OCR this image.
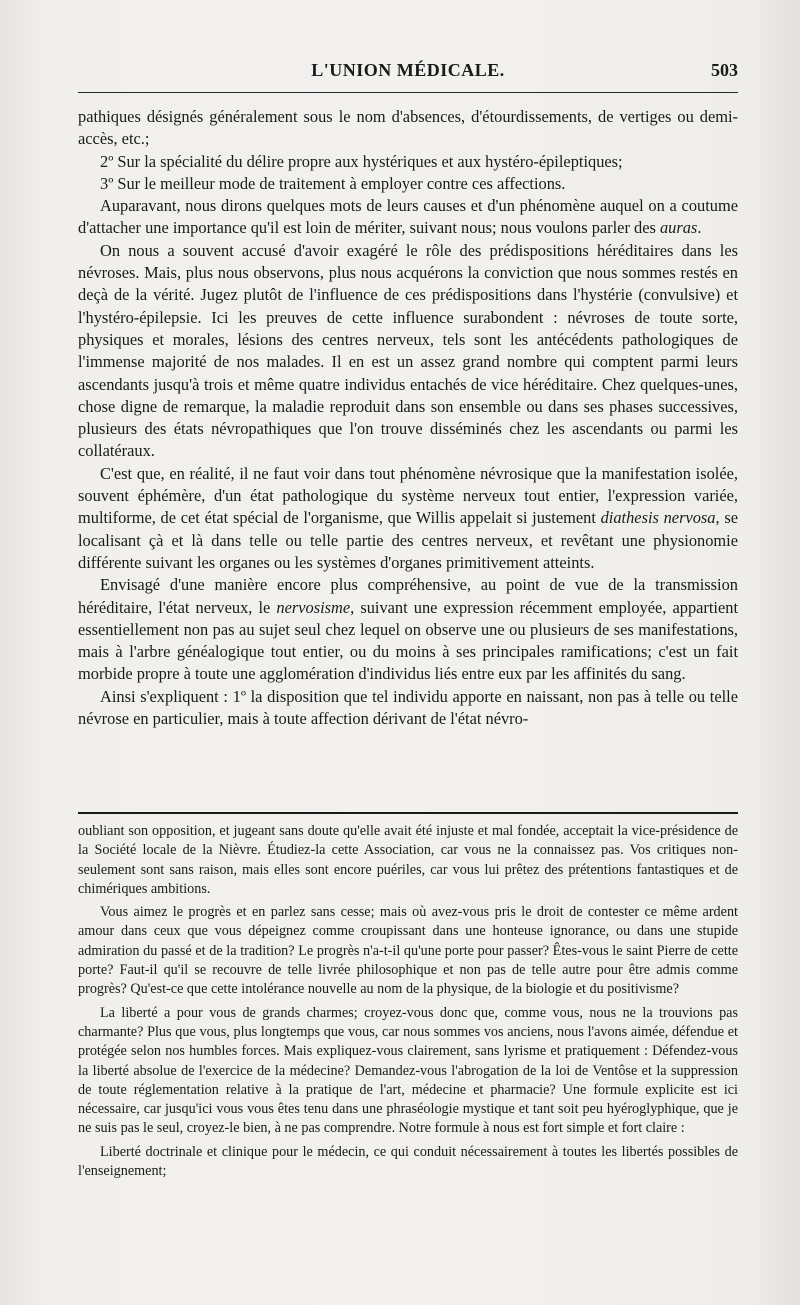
L'UNION MÉDICALE.	503

pathiques désignés généralement sous le nom d'absences, d'étourdissements, de vertiges ou demi-accès, etc.;

2º Sur la spécialité du délire propre aux hystériques et aux hystéro-épileptiques;

3º Sur le meilleur mode de traitement à employer contre ces affections.

Auparavant, nous dirons quelques mots de leurs causes et d'un phénomène auquel on a coutume d'attacher une importance qu'il est loin de mériter, suivant nous; nous voulons parler des auras.

On nous a souvent accusé d'avoir exagéré le rôle des prédispositions héréditaires dans les névroses. Mais, plus nous observons, plus nous acquérons la conviction que nous sommes restés en deçà de la vérité. Jugez plutôt de l'influence de ces prédispositions dans l'hystérie (convulsive) et l'hystéro-épilepsie. Ici les preuves de cette influence surabondent : névroses de toute sorte, physiques et morales, lésions des centres nerveux, tels sont les antécédents pathologiques de l'immense majorité de nos malades. Il en est un assez grand nombre qui comptent parmi leurs ascendants jusqu'à trois et même quatre individus entachés de vice héréditaire. Chez quelques-unes, chose digne de remarque, la maladie reproduit dans son ensemble ou dans ses phases successives, plusieurs des états névropathiques que l'on trouve disséminés chez les ascendants ou parmi les collatéraux.

C'est que, en réalité, il ne faut voir dans tout phénomène névrosique que la manifestation isolée, souvent éphémère, d'un état pathologique du système nerveux tout entier, l'expression variée, multiforme, de cet état spécial de l'organisme, que Willis appelait si justement diathesis nervosa, se localisant çà et là dans telle ou telle partie des centres nerveux, et revêtant une physionomie différente suivant les organes ou les systèmes d'organes primitivement atteints.

Envisagé d'une manière encore plus compréhensive, au point de vue de la transmission héréditaire, l'état nerveux, le nervosisme, suivant une expression récemment employée, appartient essentiellement non pas au sujet seul chez lequel on observe une ou plusieurs de ses manifestations, mais à l'arbre généalogique tout entier, ou du moins à ses principales ramifications; c'est un fait morbide propre à toute une agglomération d'individus liés entre eux par les affinités du sang.

Ainsi s'expliquent : 1º la disposition que tel individu apporte en naissant, non pas à telle ou telle névrose en particulier, mais à toute affection dérivant de l'état névro-

oubliant son opposition, et jugeant sans doute qu'elle avait été injuste et mal fondée, acceptait la vice-présidence de la Société locale de la Nièvre. Étudiez-la cette Association, car vous ne la connaissez pas. Vos critiques non-seulement sont sans raison, mais elles sont encore puériles, car vous lui prêtez des prétentions fantastiques et de chimériques ambitions.

Vous aimez le progrès et en parlez sans cesse; mais où avez-vous pris le droit de contester ce même ardent amour dans ceux que vous dépeignez comme croupissant dans une honteuse ignorance, ou dans une stupide admiration du passé et de la tradition? Le progrès n'a-t-il qu'une porte pour passer? Êtes-vous le saint Pierre de cette porte? Faut-il qu'il se recouvre de telle livrée philosophique et non pas de telle autre pour être admis comme progrès? Qu'est-ce que cette intolérance nouvelle au nom de la physique, de la biologie et du positivisme?

La liberté a pour vous de grands charmes; croyez-vous donc que, comme vous, nous ne la trouvions pas charmante? Plus que vous, plus longtemps que vous, car nous sommes vos anciens, nous l'avons aimée, défendue et protégée selon nos humbles forces. Mais expliquez-vous clairement, sans lyrisme et pratiquement : Défendez-vous la liberté absolue de l'exercice de la médecine? Demandez-vous l'abrogation de la loi de Ventôse et la suppression de toute réglementation relative à la pratique de l'art, médecine et pharmacie? Une formule explicite est ici nécessaire, car jusqu'ici vous vous êtes tenu dans une phraséologie mystique et tant soit peu hyéroglyphique, que je ne suis pas le seul, croyez-le bien, à ne pas comprendre. Notre formule à nous est fort simple et fort claire :

Liberté doctrinale et clinique pour le médecin, ce qui conduit nécessairement à toutes les libertés possibles de l'enseignement;
